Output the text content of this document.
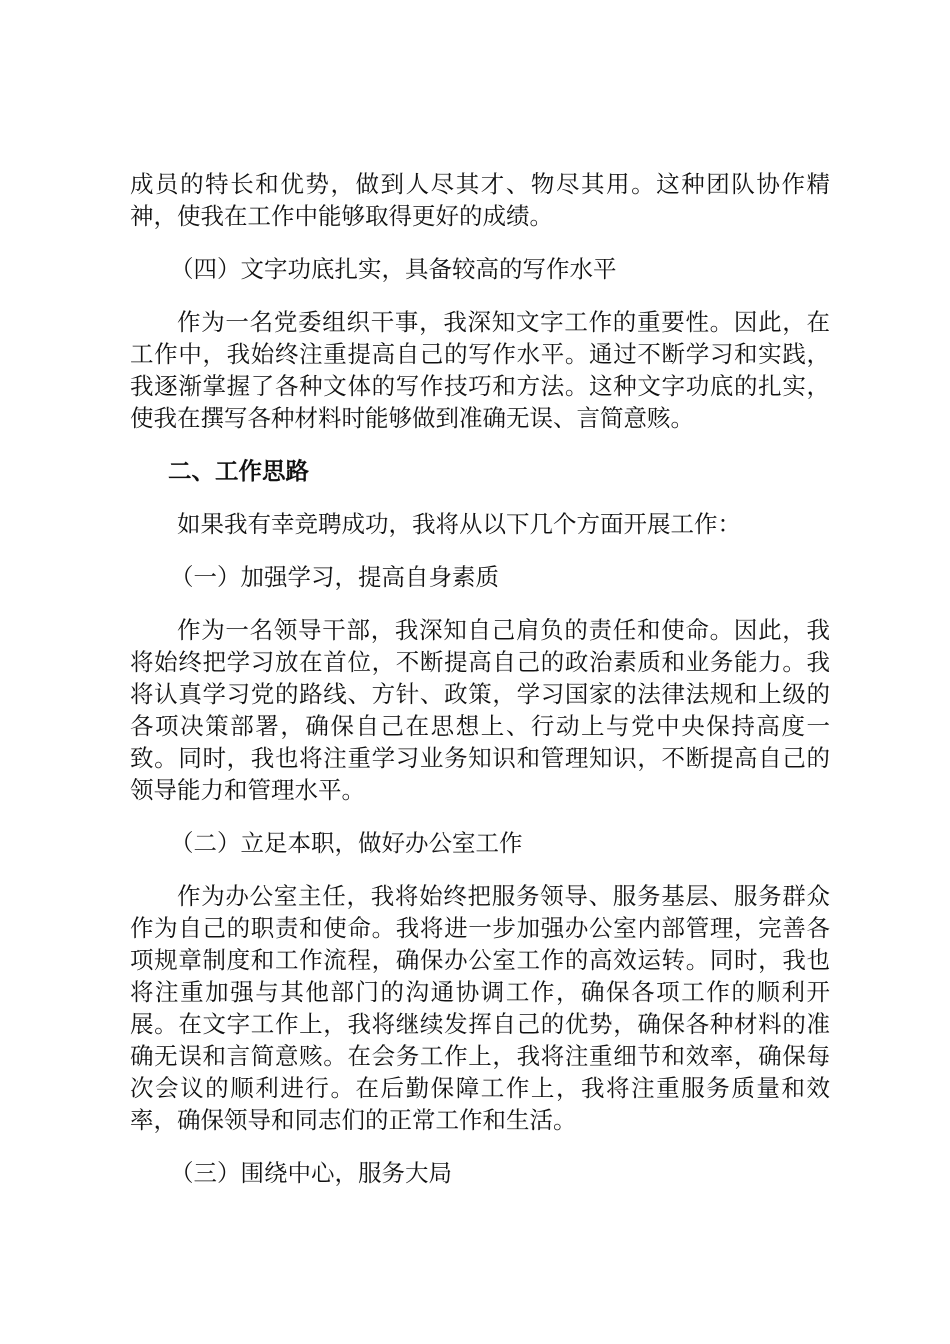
成员的特长和优势，做到人尽其才、物尽其用。这种团队协作精神，使我在工作中能够取得更好的成绩。

（四）文字功底扎实，具备较高的写作水平

作为一名党委组织干事，我深知文字工作的重要性。因此，在工作中，我始终注重提高自己的写作水平。通过不断学习和实践，我逐渐掌握了各种文体的写作技巧和方法。这种文字功底的扎实，使我在撰写各种材料时能够做到准确无误、言简意赅。

二、工作思路

如果我有幸竞聘成功，我将从以下几个方面开展工作：

（一）加强学习，提高自身素质

作为一名领导干部，我深知自己肩负的责任和使命。因此，我将始终把学习放在首位，不断提高自己的政治素质和业务能力。我将认真学习党的路线、方针、政策，学习国家的法律法规和上级的各项决策部署，确保自己在思想上、行动上与党中央保持高度一致。同时，我也将注重学习业务知识和管理知识，不断提高自己的领导能力和管理水平。

（二）立足本职，做好办公室工作

作为办公室主任，我将始终把服务领导、服务基层、服务群众作为自己的职责和使命。我将进一步加强办公室内部管理，完善各项规章制度和工作流程，确保办公室工作的高效运转。同时，我也将注重加强与其他部门的沟通协调工作，确保各项工作的顺利开展。在文字工作上，我将继续发挥自己的优势，确保各种材料的准确无误和言简意赅。在会务工作上，我将注重细节和效率，确保每次会议的顺利进行。在后勤保障工作上，我将注重服务质量和效率，确保领导和同志们的正常工作和生活。

（三）围绕中心，服务大局
